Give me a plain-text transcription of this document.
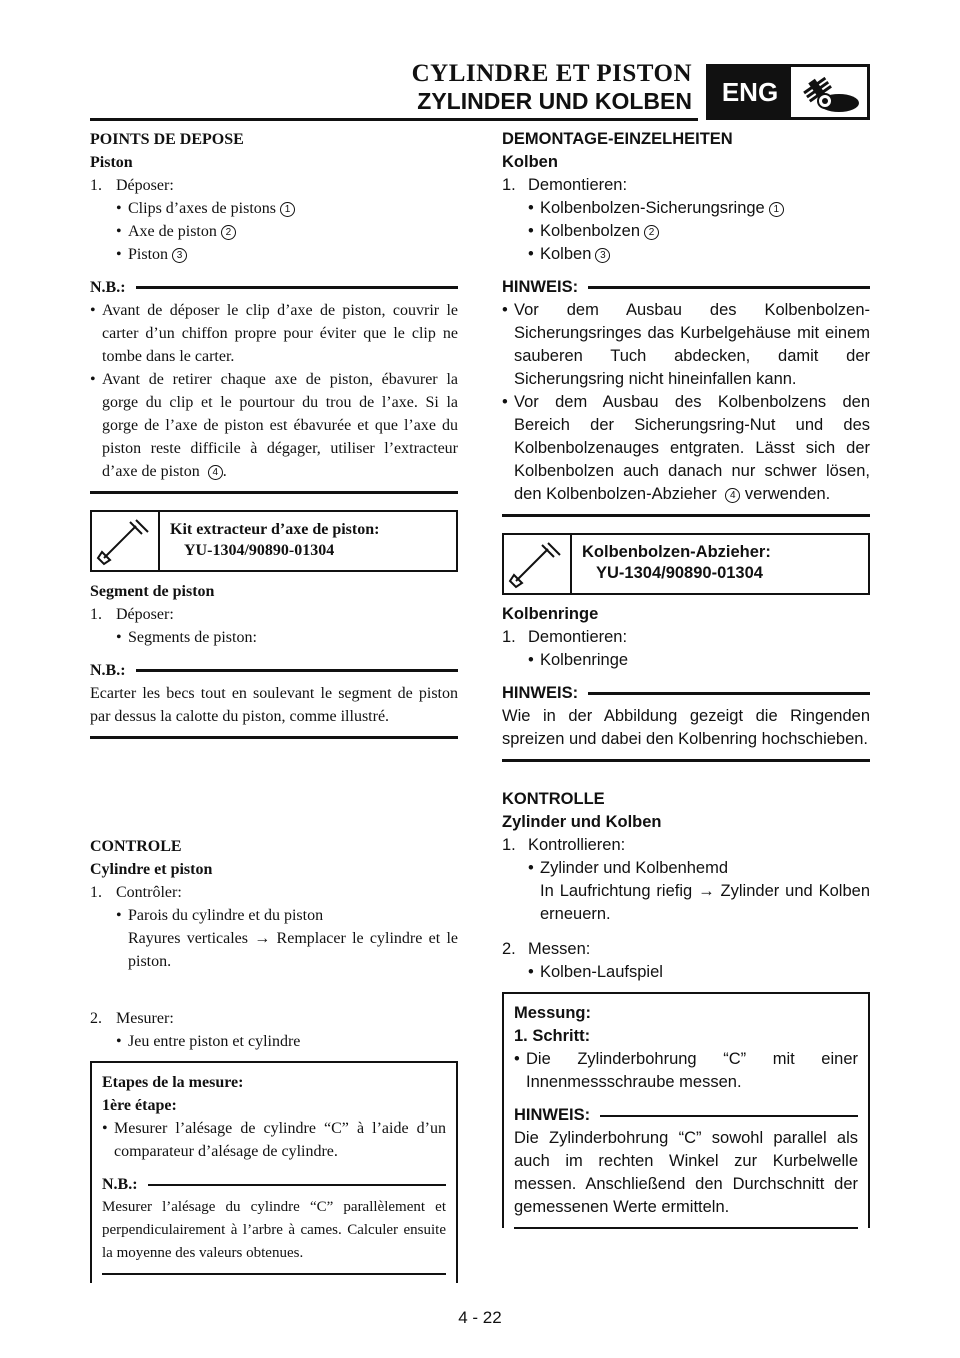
CYLINDRE ET PISTON
ZYLINDER UND KOLBEN	ENG
POINTS DE DEPOSE
Piston
1. Déposer:
• Clips d’axes de pistons 1
• Axe de piston 2
• Piston 3
N.B.:
• Avant de déposer le clip d’axe de piston, couvrir le carter d’un chiffon propre pour éviter que le clip ne tombe dans le carter.
• Avant de retirer chaque axe de piston, ébavurer la gorge du clip et le pourtour du trou de l’axe. Si la gorge de l’axe de piston est ébavurée et que l’axe du piston reste difficile à dégager, utiliser l’extracteur d’axe de piston 4 .
Kit extracteur d’axe de piston:
YU-1304/90890-01304
Segment de piston
1. Déposer:
• Segments de piston:
N.B.:
Ecarter les becs tout en soulevant le segment de piston par dessus la calotte du piston, comme illustré.
CONTROLE
Cylindre et piston
1. Contrôler:
• Parois du cylindre et du piston
Rayures verticales → Remplacer le cylindre et le piston.
2. Mesurer:
• Jeu entre piston et cylindre
Etapes de la mesure:
1ère étape:
• Mesurer l’alésage de cylindre “C” à l’aide d’un comparateur d’alésage de cylindre.
N.B.:
Mesurer l’alésage du cylindre “C” parallèlement et perpendiculairement à l’arbre à cames. Calculer ensuite la moyenne des valeurs obtenues.
DEMONTAGE-EINZELHEITEN
Kolben
1. Demontieren:
• Kolbenbolzen-Sicherungsringe 1
• Kolbenbolzen 2
• Kolben 3
HINWEIS:
• Vor dem Ausbau des Kolbenbolzen-Sicherungsringes das Kurbelgehäuse mit einem sauberen Tuch abdecken, damit der Sicherungsring nicht hineinfallen kann.
• Vor dem Ausbau des Kolbenbolzens den Bereich der Sicherungsring-Nut und des Kolbenbolzenauges entgraten. Lässt sich der Kolbenbolzen auch danach nur schwer lösen, den Kolbenbolzen-Abzieher 4 verwenden.
Kolbenbolzen-Abzieher:
YU-1304/90890-01304
Kolbenringe
1. Demontieren:
• Kolbenringe
HINWEIS:
Wie in der Abbildung gezeigt die Ringenden spreizen und dabei den Kolbenring hochschieben.
KONTROLLE
Zylinder und Kolben
1. Kontrollieren:
• Zylinder und Kolbenhemd
In Laufrichtung riefig → Zylinder und Kolben erneuern.
2. Messen:
• Kolben-Laufspiel
Messung:
1. Schritt:
• Die Zylinderbohrung “C” mit einer Innenmessschraube messen.
HINWEIS:
Die Zylinderbohrung “C” sowohl parallel als auch im rechten Winkel zur Kurbelwelle messen. Anschließend den Durchschnitt der gemessenen Werte ermitteln.
4 - 22
